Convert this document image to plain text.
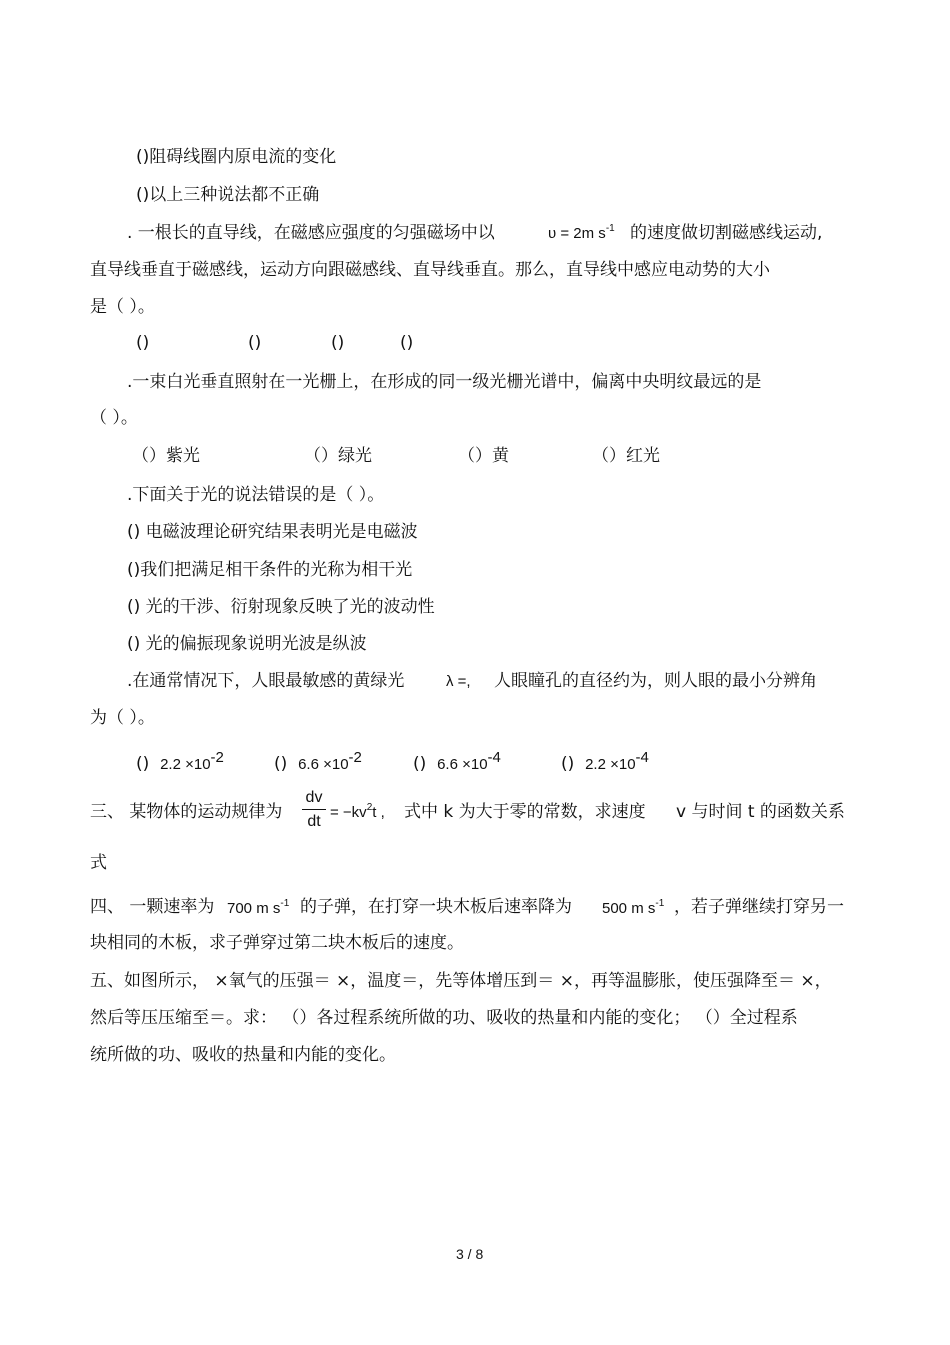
()阻碍线圈内原电流的变化
()以上三种说法都不正确
. 一根长的直导线，在磁感应强度的匀强磁场中以	υ = 2m $s^{-1}$ 的速度做切割磁感线运动,
直导线垂直于磁感线，运动方向跟磁感线、直导线垂直。那么，直导线中感应电动势的大小
是（ ）。
()	()	()	()
.一束白光垂直照射在一光栅上，在形成的同一级光栅光谱中，偏离中央明纹最远的是
（ ）。
（）紫光	（）绿光	（）黄	（）红光
.下面关于光的说法错误的是（ ）。
() 电磁波理论研究结果表明光是电磁波
()我们把满足相干条件的光称为相干光
() 光的干涉、衍射现象反映了光的波动性
() 光的偏振现象说明光波是纵波
.在通常情况下，人眼最敏感的黄绿光	λ =, 人眼瞳孔的直径约为，则人眼的最小分辨角
为（ ）。
() $2.2 \times 10^{-2}$	() $6.6 \times 10^{-2}$	() $6.6 \times 10^{-4}$	() $2.2 \times 10^{-4}$
三、 某物体的运动规律为
dv
dt
= $-kv^2t$ , 式中 k 为大于零的常数，求速度 v 与时间 t 的函数关系
式
四、 一颗速率为 700 m $s^{-1}$ 的子弹，在打穿一块木板后速率降为 500 m $s^{-1}$ ，若子弹继续打穿另一
块相同的木板，求子弹穿过第二块木板后的速度。
五、如图所示， ×氧气的压强＝ ×，温度＝，先等体增压到＝ ×，再等温膨胀，使压强降至＝ ×，
然后等压压缩至＝。求： （）各过程系统所做的功、吸收的热量和内能的变化； （）全过程系
统所做的功、吸收的热量和内能的变化。
3 / 8
